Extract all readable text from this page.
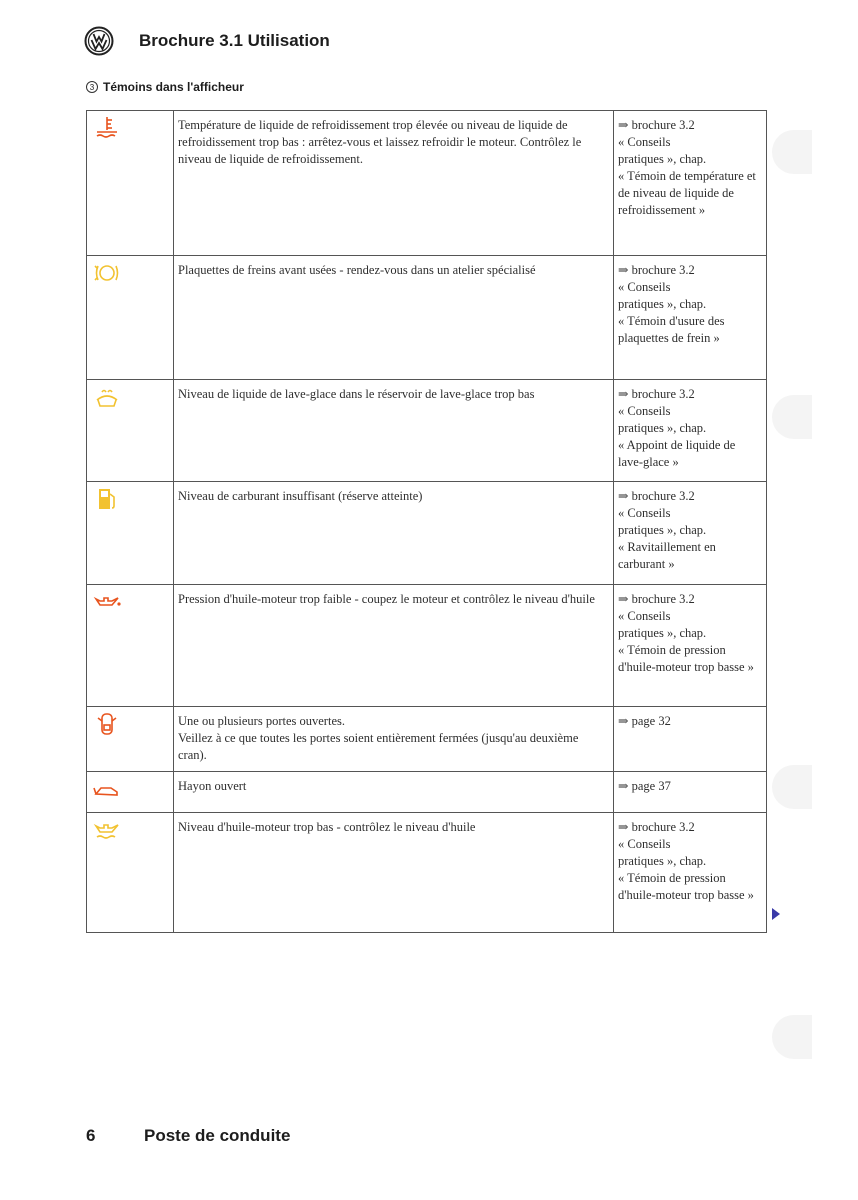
Brochure 3.1 Utilisation
3 Témoins dans l'afficheur
	Température de liquide de refroidissement trop élevée ou niveau de liquide de refroidissement trop bas : arrêtez-vous et laissez refroidir le moteur. Contrôlez le niveau de liquide de refroidissement.	⇒ brochure 3.2
« Conseils
pratiques », chap.
« Témoin de température et de niveau de liquide de refroidissement »

	Plaquettes de freins avant usées - rendez-vous dans un atelier spécialisé	⇒ brochure 3.2
« Conseils
pratiques », chap.
« Témoin d'usure des plaquettes de frein »

	Niveau de liquide de lave-glace dans le réservoir de lave-glace trop bas	⇒ brochure 3.2
« Conseils
pratiques », chap.
« Appoint de liquide de lave-glace »

	Niveau de carburant insuffisant (réserve atteinte)	⇒ brochure 3.2
« Conseils
pratiques », chap.
« Ravitaillement en carburant »

	Pression d'huile-moteur trop faible - coupez le moteur et contrôlez le niveau d'huile	⇒ brochure 3.2
« Conseils
pratiques », chap.
« Témoin de pression d'huile-moteur trop basse »

	Une ou plusieurs portes ouvertes.
Veillez à ce que toutes les portes soient entièrement fermées (jusqu'au deuxième cran).	⇒ page 32

	Hayon ouvert	⇒ page 37

	Niveau d'huile-moteur trop bas - contrôlez le niveau d'huile	⇒ brochure 3.2
« Conseils
pratiques », chap.
« Témoin de pression d'huile-moteur trop basse »
6	Poste de conduite
